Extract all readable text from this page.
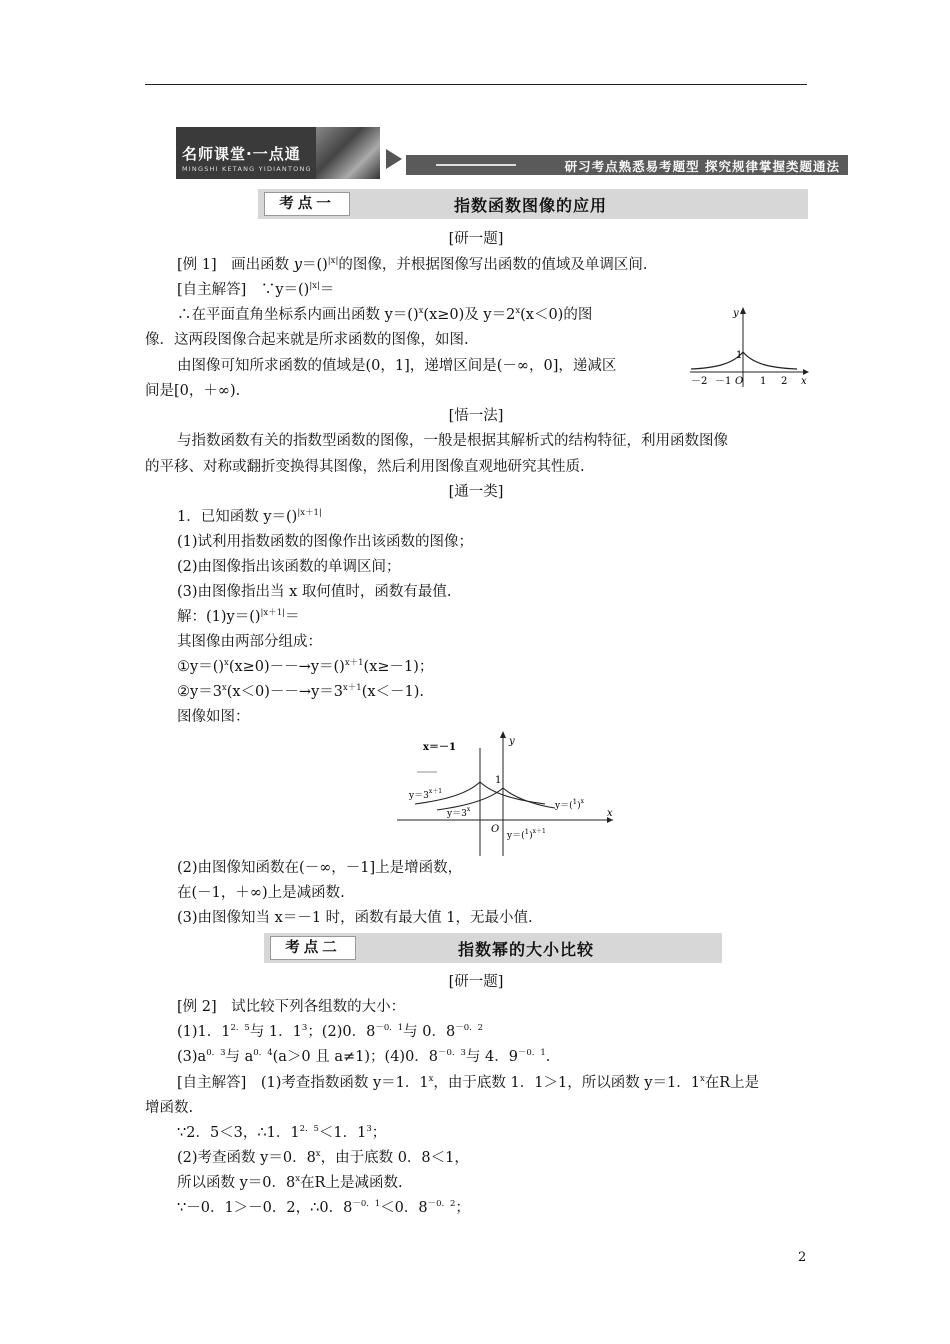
名师课堂·一点通
MINGSHI KETANG YIDIANTONG	研习考点熟悉易考题型 探究规律掌握类题通法
考点一	指数函数图像的应用
[研一题]
[例 1]　画出函数 y＝()$^{|x|}$的图像，并根据图像写出函数的值域及单调区间.
[自主解答]　 ∵y＝()$^{|x|}$＝
∴在平面直角坐标系内画出函数 y＝()$^x$(x≥0)及 $y=2^x(x<0)$的图
像．这两段图像合起来就是所求函数的图像，如图.
由图像可知所求函数的值域是(0，1]，递增区间是(－∞，0]，递减区
间是[0，＋∞).
y
x
O
1
－2 －1	1 2
[悟一法]
与指数函数有关的指数型函数的图像，一般是根据其解析式的结构特征，利用函数图像
的平移、对称或翻折变换得其图像，然后利用图像直观地研究其性质.
[通一类]
1．已知函数 y＝()$^{|x+1|}$
(1)试利用指数函数的图像作出该函数的图像；
(2)由图像指出该函数的单调区间；
(3)由图像指出当 x 取何值时，函数有最值.
解：(1)y＝()$^{|x+1|}$＝
其图像由两部分组成：
①y＝()$^x$(x≥0)－－→y＝()$^{x+1}$(x≥－1)；
$②y=3^x(x<0)--\to y=3^{x+1}(x<-1)$.
图像如图：
x＝－1
y
x
O
1
$y=3^{x+1}$
$y=3^x$	$y=(^1)^x$
$y=(^1)^{x+1}$
(2)由图像知函数在(－∞，－1]上是增函数，
在(－1，＋∞)上是减函数.
(3)由图像知当 x＝－1 时，函数有最大值 1，无最小值.
考点二	指数幂的大小比较
[研一题]
[例 2]　试比较下列各组数的大小：
(1)1．$1^{2.5}$与 1．$1^3$；(2)0．$8^{-0.1}$与 0．$8^{-0.2}$
$(3)a^{0.3}$与 $a^{0.4}(a>0$ 且 a≠1)；(4)0．$8^{-0.3}$与 4．$9^{-0.1}$.
[自主解答]　(1)考查指数函数 y＝1．1$^x$，由于底数 1．1＞1，所以函数 y＝1．1$^x$在R上是
增函数.
∵2．5＜3，∴1．$1^{2.5}<1$．$1^3$；
(2)考查函数 y＝0．8$^x$，由于底数 0．8＜1，
所以函数 y＝0．8$^x$在R上是减函数.
∵－0．1＞－0．2，∴0．$8^{-0.1}<0$．$8^{-0.2}$；
2
